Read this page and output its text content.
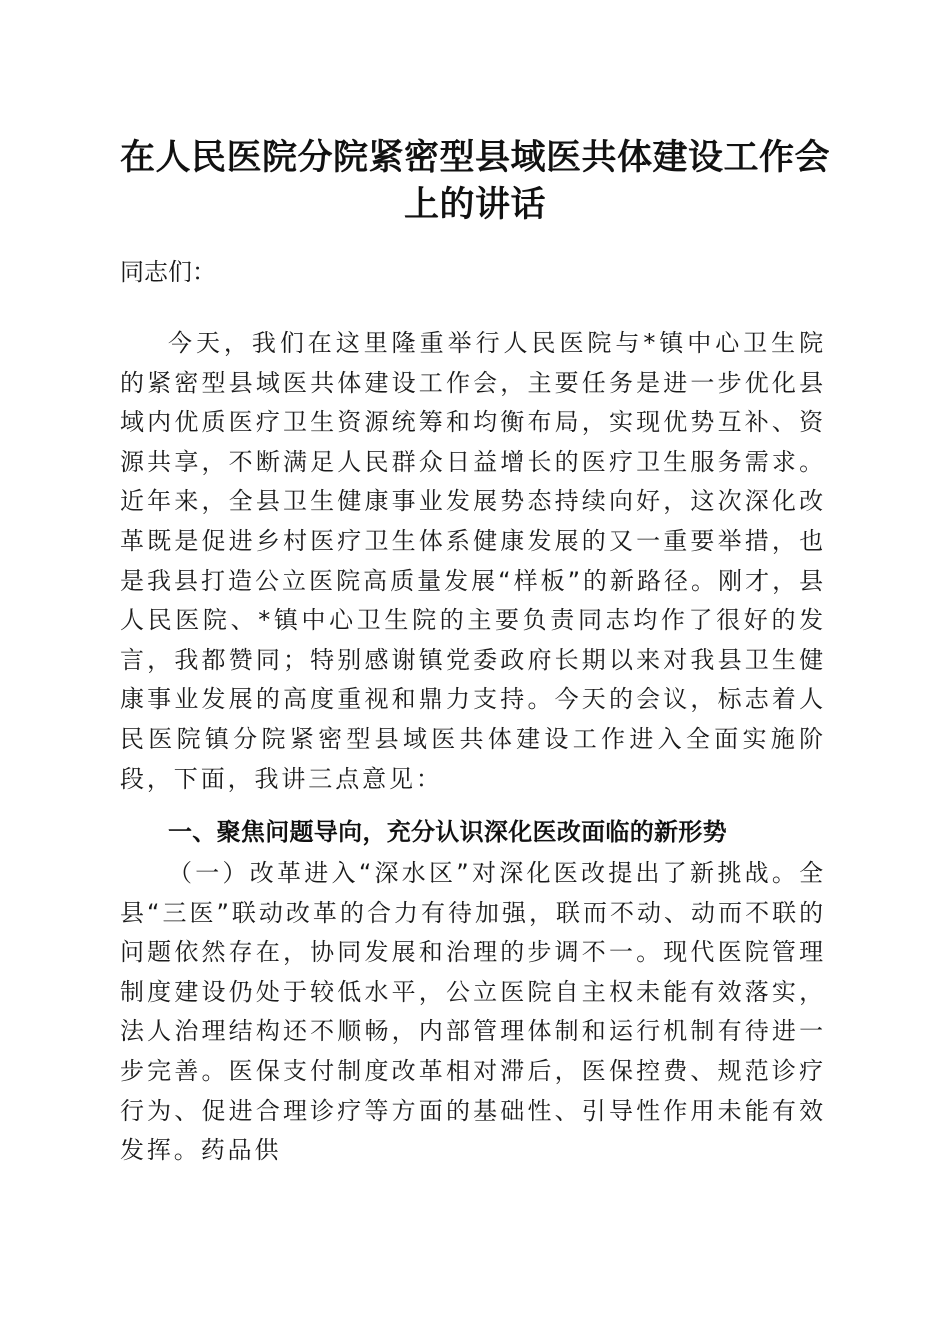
在人民医院分院紧密型县域医共体建设工作会
上的讲话

同志们：

今天，我们在这里隆重举行人民医院与*镇中心卫生院的紧密型县域医共体建设工作会，主要任务是进一步优化县域内优质医疗卫生资源统筹和均衡布局，实现优势互补、资源共享，不断满足人民群众日益增长的医疗卫生服务需求。近年来，全县卫生健康事业发展势态持续向好，这次深化改革既是促进乡村医疗卫生体系健康发展的又一重要举措，也是我县打造公立医院高质量发展“样板”的新路径。刚才，县人民医院、*镇中心卫生院的主要负责同志均作了很好的发言，我都赞同；特别感谢镇党委政府长期以来对我县卫生健康事业发展的高度重视和鼎力支持。今天的会议，标志着人民医院镇分院紧密型县域医共体建设工作进入全面实施阶段，下面，我讲三点意见：

一、聚焦问题导向，充分认识深化医改面临的新形势

（一）改革进入“深水区”对深化医改提出了新挑战。全县“三医”联动改革的合力有待加强，联而不动、动而不联的问题依然存在，协同发展和治理的步调不一。现代医院管理制度建设仍处于较低水平，公立医院自主权未能有效落实，法人治理结构还不顺畅，内部管理体制和运行机制有待进一步完善。医保支付制度改革相对滞后，医保控费、规范诊疗行为、促进合理诊疗等方面的基础性、引导性作用未能有效发挥。药品供
